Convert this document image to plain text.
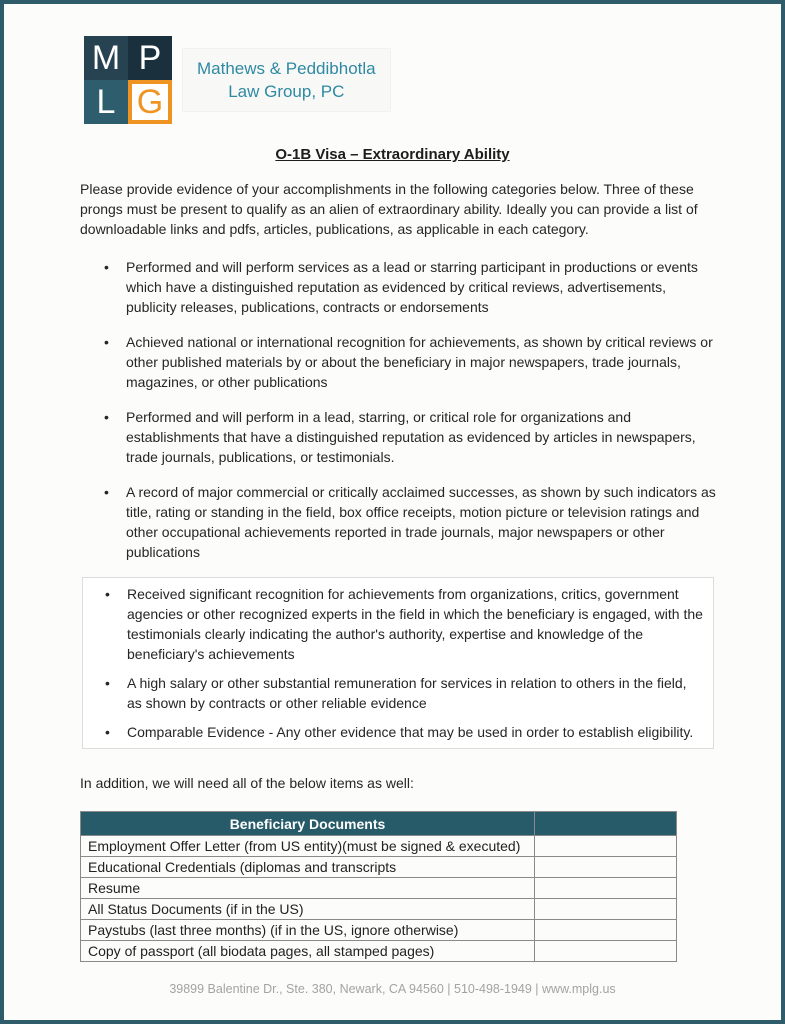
M P
L G
Mathews & Peddibhotla
Law Group, PC
O-1B Visa – Extraordinary Ability

Please provide evidence of your accomplishments in the following categories below. Three of these prongs must be present to qualify as an alien of extraordinary ability. Ideally you can provide a list of downloadable links and pdfs, articles, publications, as applicable in each category.

• Performed and will perform services as a lead or starring participant in productions or events which have a distinguished reputation as evidenced by critical reviews, advertisements, publicity releases, publications, contracts or endorsements
• Achieved national or international recognition for achievements, as shown by critical reviews or other published materials by or about the beneficiary in major newspapers, trade journals, magazines, or other publications
• Performed and will perform in a lead, starring, or critical role for organizations and establishments that have a distinguished reputation as evidenced by articles in newspapers, trade journals, publications, or testimonials.
• A record of major commercial or critically acclaimed successes, as shown by such indicators as title, rating or standing in the field, box office receipts, motion picture or television ratings and other occupational achievements reported in trade journals, major newspapers or other publications
• Received significant recognition for achievements from organizations, critics, government agencies or other recognized experts in the field in which the beneficiary is engaged, with the testimonials clearly indicating the author's authority, expertise and knowledge of the beneficiary's achievements
• A high salary or other substantial remuneration for services in relation to others in the field, as shown by contracts or other reliable evidence
• Comparable Evidence - Any other evidence that may be used in order to establish eligibility.

In addition, we will need all of the below items as well:

Beneficiary Documents	
Employment Offer Letter (from US entity)(must be signed & executed)	
Educational Credentials (diplomas and transcripts	
Resume	
All Status Documents (if in the US)	
Paystubs (last three months) (if in the US, ignore otherwise)	
Copy of passport (all biodata pages, all stamped pages)	
39899 Balentine Dr., Ste. 380, Newark, CA 94560 | 510-498-1949 | www.mplg.us
